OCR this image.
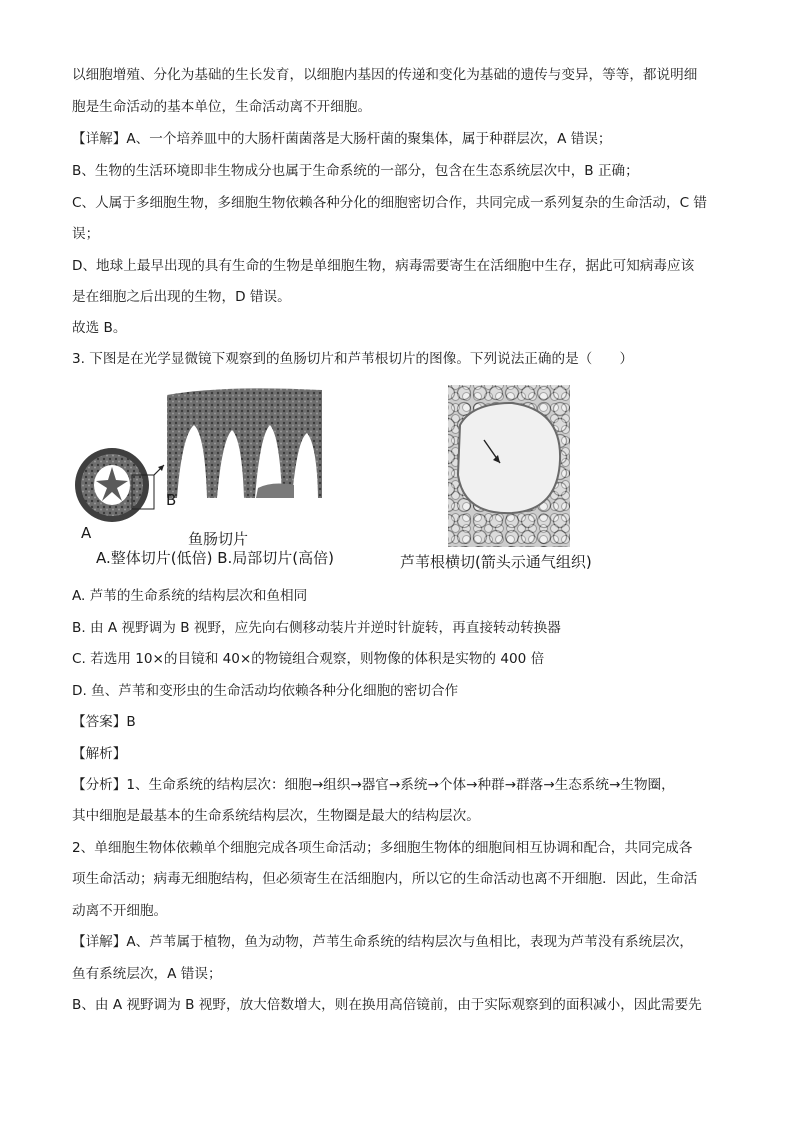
以细胞增殖、分化为基础的生长发育，以细胞内基因的传递和变化为基础的遗传与变异，等等，都说明细
胞是生命活动的基本单位，生命活动离不开细胞。
【详解】A、一个培养皿中的大肠杆菌菌落是大肠杆菌的聚集体，属于种群层次，A 错误；
B、生物的生活环境即非生物成分也属于生命系统的一部分，包含在生态系统层次中，B 正确；
C、人属于多细胞生物，多细胞生物依赖各种分化的细胞密切合作，共同完成一系列复杂的生命活动，C 错
误；
D、地球上最早出现的具有生命的生物是单细胞生物，病毒需要寄生在活细胞中生存，据此可知病毒应该
是在细胞之后出现的生物，D 错误。
故选 B。
3. 下图是在光学显微镜下观察到的鱼肠切片和芦苇根切片的图像。下列说法正确的是（　　）
A
B
鱼肠切片
A.整体切片(低倍) B.局部切片(高倍)	芦苇根横切(箭头示通气组织)
A. 芦苇的生命系统的结构层次和鱼相同
B. 由 A 视野调为 B 视野，应先向右侧移动装片并逆时针旋转，再直接转动转换器
C. 若选用 10×的目镜和 40×的物镜组合观察，则物像的体积是实物的 400 倍
D. 鱼、芦苇和变形虫的生命活动均依赖各种分化细胞的密切合作
【答案】B
【解析】
【分析】1、生命系统的结构层次：细胞→组织→器官→系统→个体→种群→群落→生态系统→生物圈，
其中细胞是最基本的生命系统结构层次，生物圈是最大的结构层次。
2、单细胞生物体依赖单个细胞完成各项生命活动；多细胞生物体的细胞间相互协调和配合，共同完成各
项生命活动；病毒无细胞结构，但必须寄生在活细胞内，所以它的生命活动也离不开细胞．因此，生命活
动离不开细胞。
【详解】A、芦苇属于植物，鱼为动物，芦苇生命系统的结构层次与鱼相比，表现为芦苇没有系统层次，
鱼有系统层次，A 错误；
B、由 A 视野调为 B 视野，放大倍数增大，则在换用高倍镜前，由于实际观察到的面积减小，因此需要先
